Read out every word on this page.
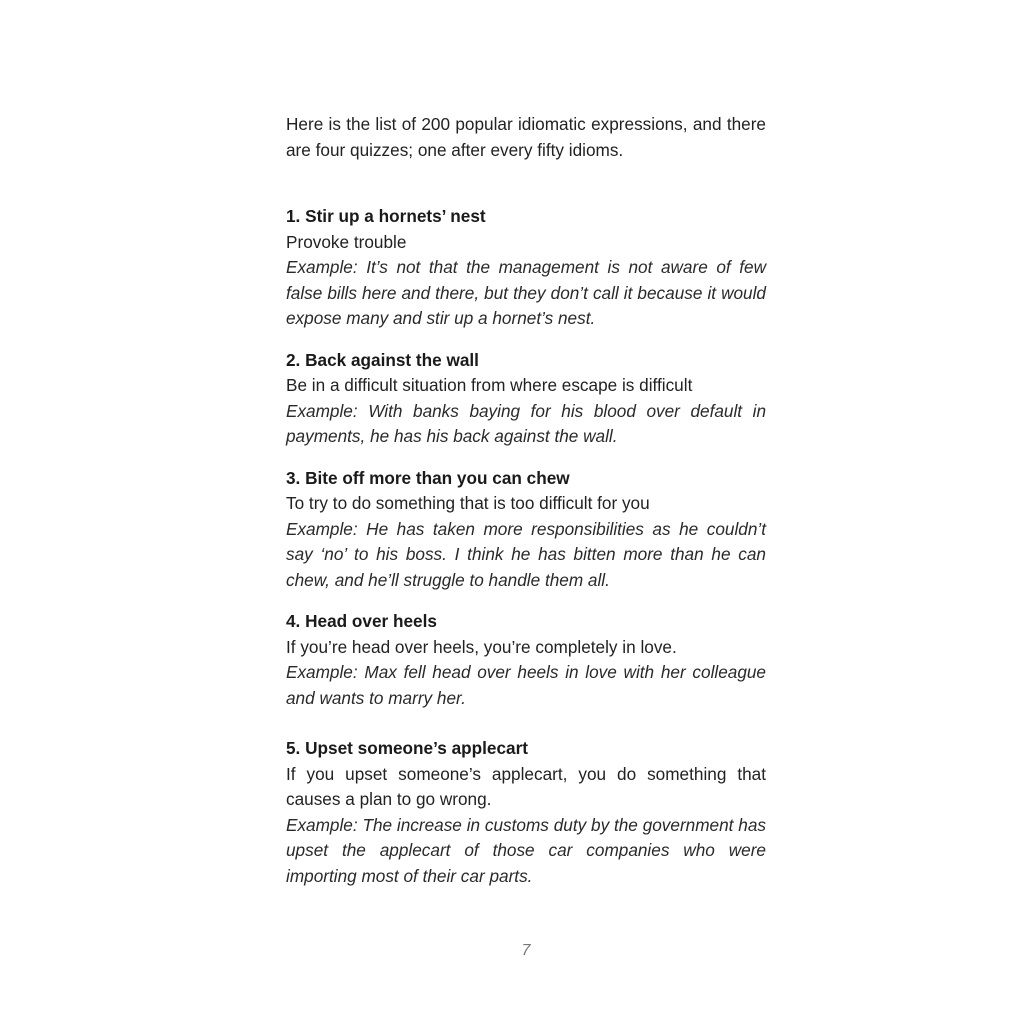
Here is the list of 200 popular idiomatic expressions, and there are four quizzes; one after every fifty idioms.

1. Stir up a hornets’ nest

Provoke trouble

Example: It’s not that the management is not aware of few false bills here and there, but they don’t call it because it would expose many and stir up a hornet’s nest.

2. Back against the wall

Be in a difficult situation from where escape is difficult

Example: With banks baying for his blood over default in payments, he has his back against the wall.

3. Bite off more than you can chew

To try to do something that is too difficult for you

Example: He has taken more responsibilities as he couldn’t say ‘no’ to his boss. I think he has bitten more than he can chew, and he’ll struggle to handle them all.

4. Head over heels

If you’re head over heels, you’re completely in love.

Example: Max fell head over heels in love with her colleague and wants to marry her.

5. Upset someone’s applecart

If you upset someone’s applecart, you do something that causes a plan to go wrong.

Example: The increase in customs duty by the government has upset the applecart of those car companies who were importing most of their car parts.

7
